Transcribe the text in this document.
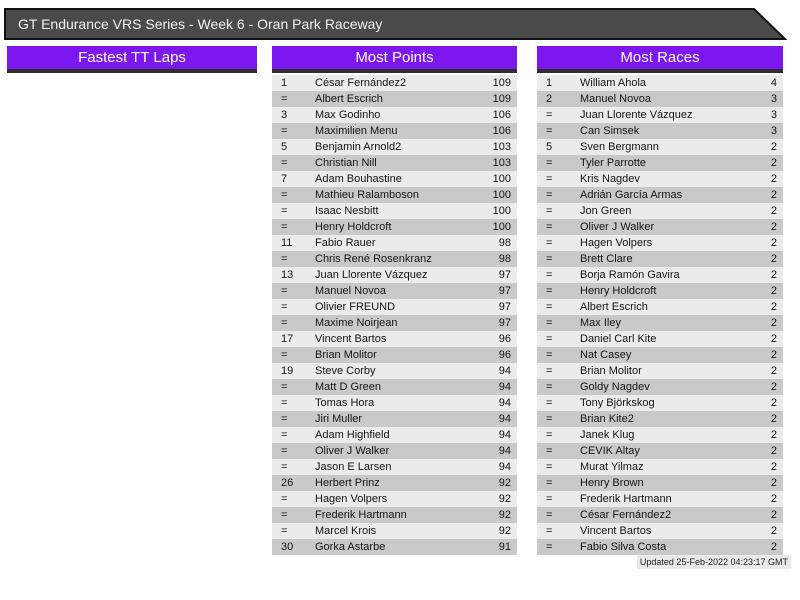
GT Endurance VRS Series - Week 6 - Oran Park Raceway
Fastest TT Laps	Most Points
1	César Fernández2	109
=	Albert Escrich	109
3	Max Godinho	106
=	Maximilien Menu	106
5	Benjamin Arnold2	103
=	Christian Nill	103
7	Adam Bouhastine	100
=	Mathieu Ralamboson	100
=	Isaac Nesbitt	100
=	Henry Holdcroft	100
11	Fabio Rauer	98
=	Chris René Rosenkranz	98
13	Juan Llorente Vázquez	97
=	Manuel Novoa	97
=	Olivier FREUND	97
=	Maxime Noirjean	97
17	Vincent Bartos	96
=	Brian Molitor	96
19	Steve Corby	94
=	Matt D Green	94
=	Tomas Hora	94
=	Jiri Muller	94
=	Adam Highfield	94
=	Oliver J Walker	94
=	Jason E Larsen	94
26	Herbert Prinz	92
=	Hagen Volpers	92
=	Frederik Hartmann	92
=	Marcel Krois	92
30	Gorka Astarbe	91
Most Races
1	William Ahola	4
2	Manuel Novoa	3
=	Juan Llorente Vázquez	3
=	Can Simsek	3
5	Sven Bergmann	2
=	Tyler Parrotte	2
=	Kris Nagdev	2
=	Adrián García Armas	2
=	Jon Green	2
=	Oliver J Walker	2
=	Hagen Volpers	2
=	Brett Clare	2
=	Borja Ramón Gavira	2
=	Henry Holdcroft	2
=	Albert Escrich	2
=	Max Iley	2
=	Daniel Carl Kite	2
=	Nat Casey	2
=	Brian Molitor	2
=	Goldy Nagdev	2
=	Tony Björkskog	2
=	Brian Kite2	2
=	Janek Klug	2
=	CEVIK Altay	2
=	Murat Yilmaz	2
=	Henry Brown	2
=	Frederik Hartmann	2
=	César Fernández2	2
=	Vincent Bartos	2
=	Fabio Silva Costa	2
Updated 25-Feb-2022 04:23:17 GMT
